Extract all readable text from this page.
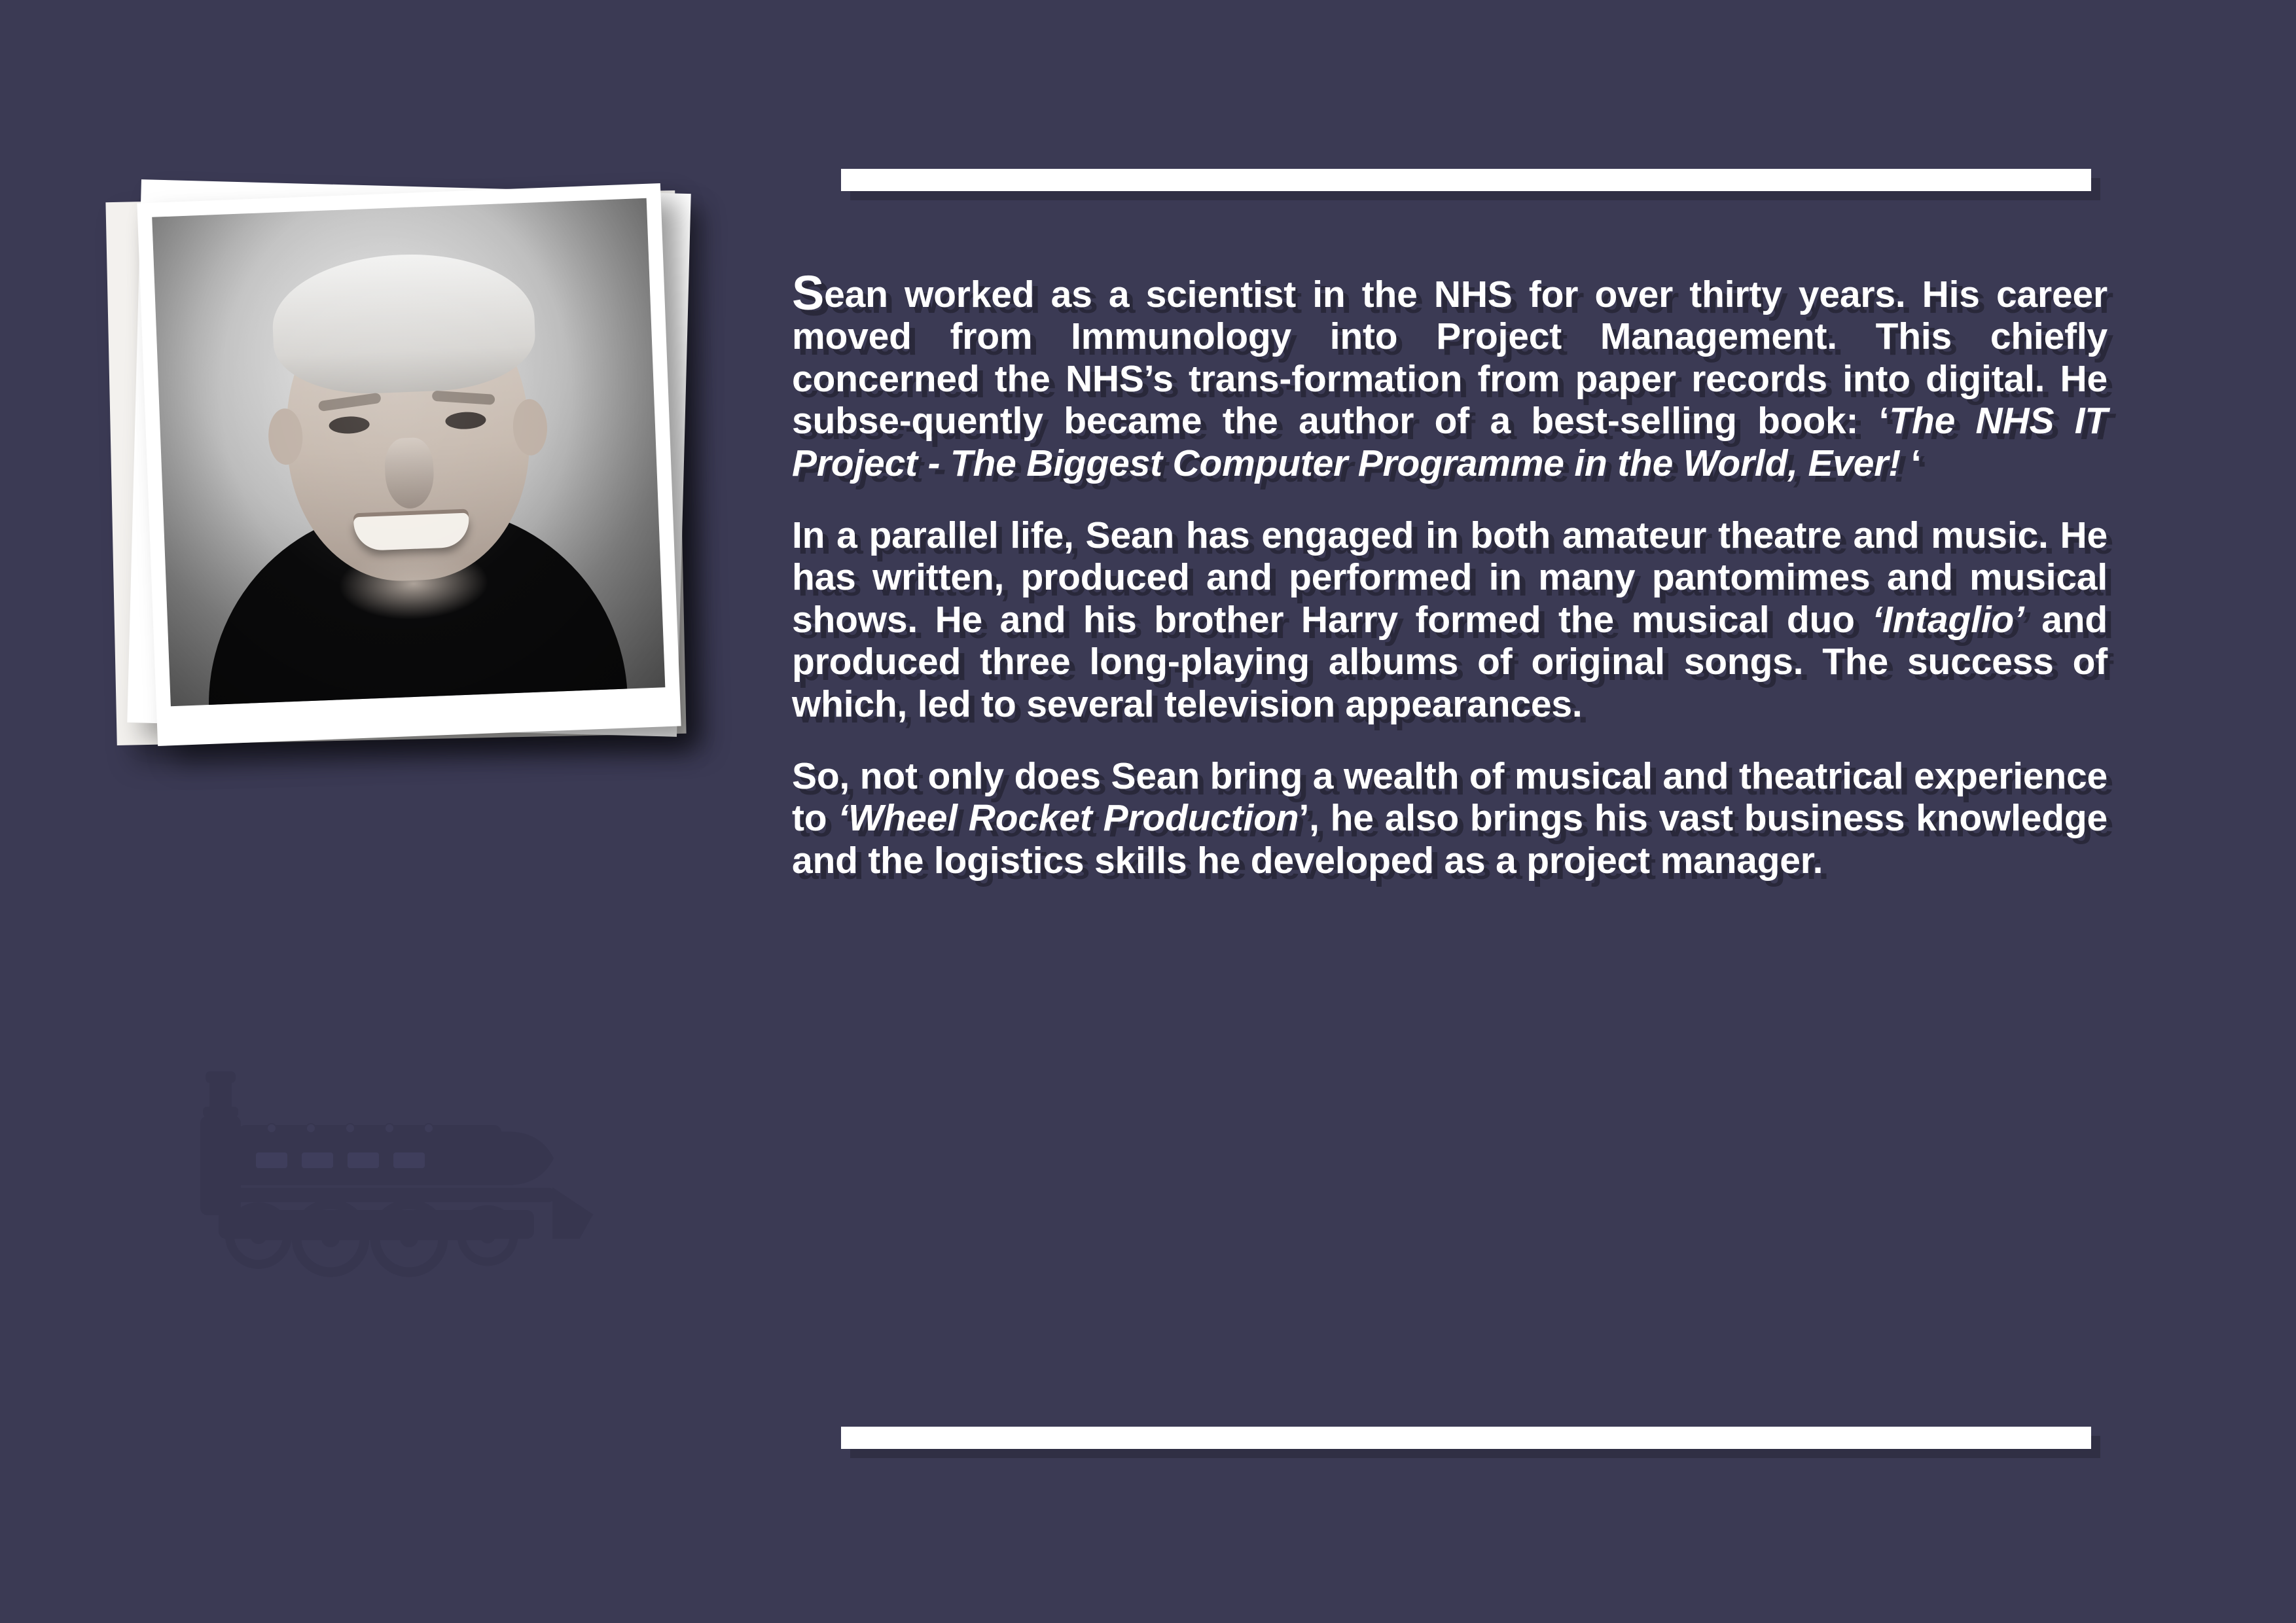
Sean worked as a scientist in the NHS for over thirty years. His career moved from Immunology into Project Management. This chiefly concerned the NHS’s trans-formation from paper records into digital. He subse-quently became the author of a best-selling book: ‘The NHS IT Project - The Biggest Computer Programme in the World, Ever! ‘

In a parallel life, Sean has engaged in both amateur theatre and music. He has written, produced and performed in many pantomimes and musical shows. He and his brother Harry formed the musical duo ‘Intaglio’ and produced three long-playing albums of original songs. The success of which, led to several television appearances.

So, not only does Sean bring a wealth of musical and theatrical experience to ‘Wheel Rocket Production’, he also brings his vast business knowledge and the logistics skills he developed as a project manager.
